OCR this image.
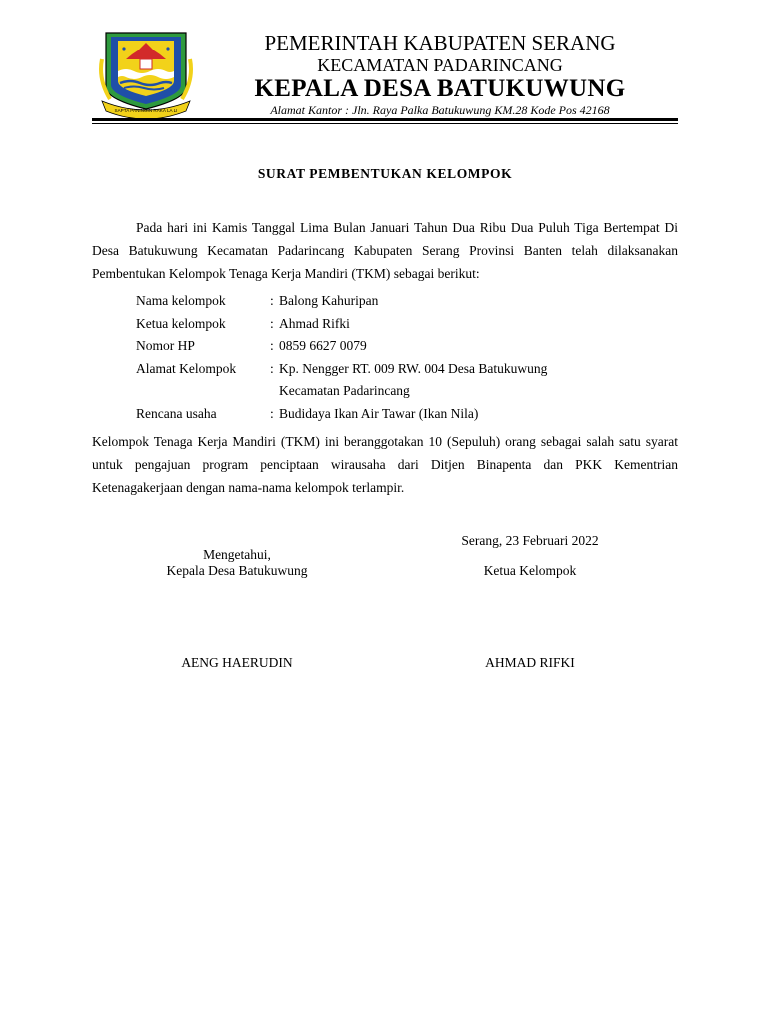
SAPTA PANINGIN RAKA LA LI
PEMERINTAH KABUPATEN SERANG
KECAMATAN PADARINCANG
KEPALA DESA BATUKUWUNG
Alamat Kantor : Jln. Raya Palka Batukuwung KM.28 Kode Pos 42168
SURAT PEMBENTUKAN KELOMPOK
Pada hari ini Kamis Tanggal Lima Bulan Januari Tahun Dua Ribu Dua Puluh Tiga Bertempat Di Desa Batukuwung Kecamatan Padarincang Kabupaten Serang Provinsi Banten telah dilaksanakan Pembentukan Kelompok Tenaga Kerja Mandiri (TKM) sebagai berikut:
Nama kelompok	: Balong Kahuripan
Ketua kelompok	: Ahmad Rifki
Nomor HP	: 0859 6627 0079
Alamat Kelompok	: Kp. Nengger RT. 009 RW. 004 Desa Batukuwung
Kecamatan Padarincang
Rencana usaha	: Budidaya Ikan Air Tawar (Ikan Nila)
Kelompok Tenaga Kerja Mandiri (TKM) ini beranggotakan 10 (Sepuluh) orang sebagai salah satu syarat untuk pengajuan program penciptaan wirausaha dari Ditjen Binapenta dan PKK Kementrian Ketenagakerjaan dengan nama-nama kelompok terlampir.
Serang, 23 Februari 2022
Mengetahui,
Kepala Desa Batukuwung	Ketua Kelompok
AENG HAERUDIN	AHMAD RIFKI
